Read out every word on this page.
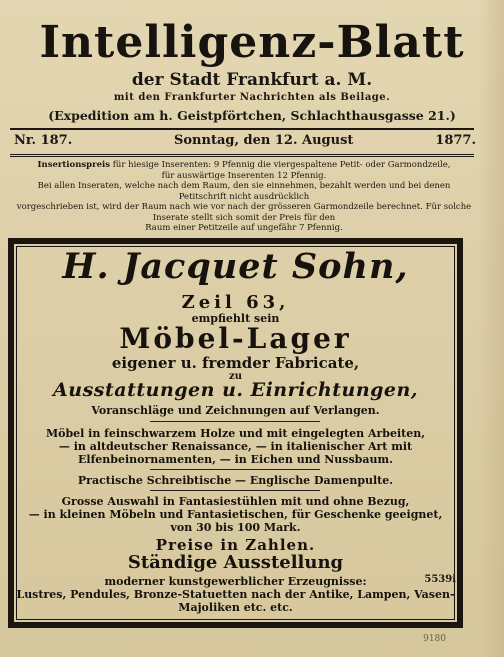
Intelligenz-Blatt
der Stadt Frankfurt a. M.
mit den Frankfurter Nachrichten als Beilage.
(Expedition am h. Geistpförtchen, Schlachthausgasse 21.)
Nr. 187.	Sonntag, den 12. August	1877.
Insertionspreis für hiesige Inserenten: 9 Pfennig die viergespaltene Petit- oder Garmondzeile,
für auswärtige Inserenten 12 Pfennig.
Bei allen Inseraten, welche nach dem Raum, den sie einnehmen, bezahlt werden und bei denen Petitschrift nicht ausdrücklich
vorgeschrieben ist, wird der Raum nach wie vor nach der grösseren Garmondzeile berechnet. Für solche Inserate stellt sich somit der Preis für den
Raum einer Petitzeile auf ungefähr 7 Pfennig.
H. Jacquet Sohn,
Zeil 63,
empfiehlt sein
Möbel-Lager
eigener u. fremder Fabricate,
zu
Ausstattungen u. Einrichtungen,
Voranschläge und Zeichnungen auf Verlangen.
Möbel in feinschwarzem Holze und mit eingelegten Arbeiten,
— in altdeutscher Renaissance, — in italienischer Art mit
Elfenbeinornamenten, — in Eichen und Nussbaum.
Practische Schreibtische — Englische Damenpulte.
Grosse Auswahl in Fantasiestühlen mit und ohne Bezug,
— in kleinen Möbeln und Fantasietischen, für Geschenke geeignet,
von 30 bis 100 Mark.
Preise in Zahlen.
Ständige Ausstellung
moderner kunstgewerblicher Erzeugnisse:
Lustres, Pendules, Bronze-Statuetten nach der Antike, Lampen, Vasen-
Majoliken etc. etc.
5539i
9180
